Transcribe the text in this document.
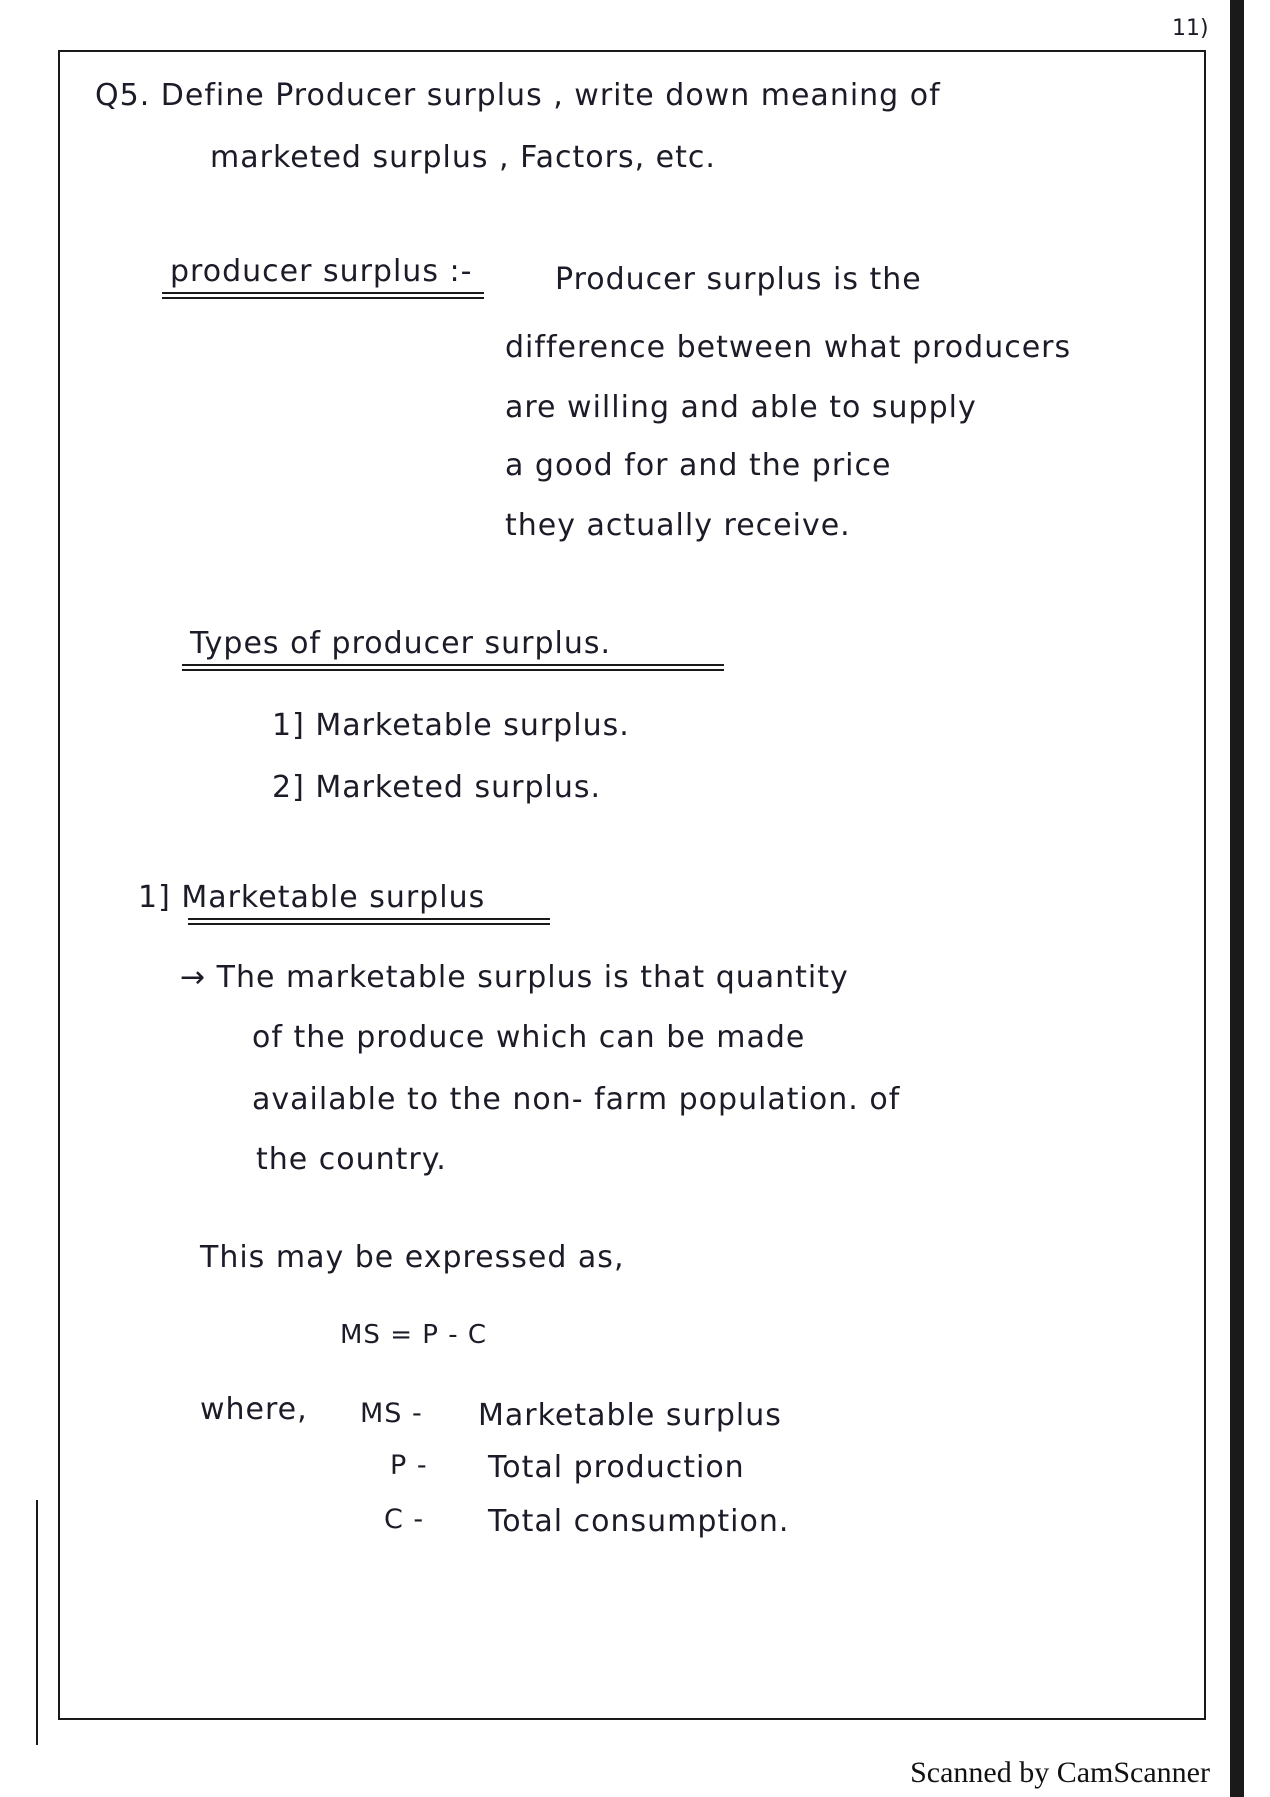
11)
Q5. Define Producer surplus , write down meaning of
marketed surplus , Factors, etc.
producer surplus :-	Producer surplus is the
difference between what producers
are willing and able to supply
a good for and the price
they actually receive.
Types of producer surplus.
1] Marketable surplus.
2] Marketed surplus.
1] Marketable surplus
→ The marketable surplus is that quantity
of the produce which can be made
available to the non- farm population. of
the country.
This may be expressed as,
MS = P - C
where, MS - Marketable surplus
P - Total production
C - Total consumption.
Scanned by CamScanner
